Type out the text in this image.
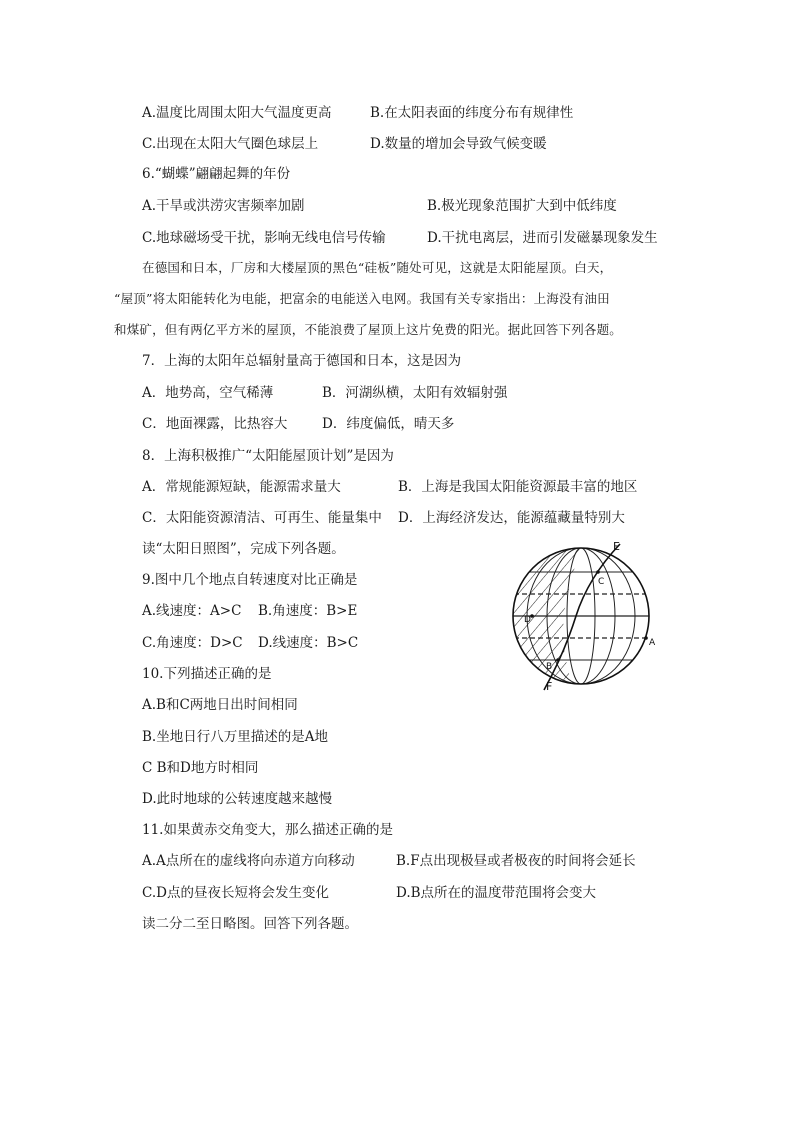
A.温度比周围太阳大气温度更高	B.在太阳表面的纬度分布有规律性
C.出现在太阳大气圈色球层上	D.数量的增加会导致气候变暖
6.“蝴蝶”翩翩起舞的年份
A.干旱或洪涝灾害频率加剧	B.极光现象范围扩大到中低纬度
C.地球磁场受干扰，影响无线电信号传输	D.干扰电离层，进而引发磁暴现象发生
在德国和日本，厂房和大楼屋顶的黑色“硅板”随处可见，这就是太阳能屋顶。白天，
“屋顶”将太阳能转化为电能，把富余的电能送入电网。我国有关专家指出：上海没有油田
和煤矿，但有两亿平方米的屋顶，不能浪费了屋顶上这片免费的阳光。据此回答下列各题。
7．上海的太阳年总辐射量高于德国和日本，这是因为
A．地势高，空气稀薄	B．河湖纵横，太阳有效辐射强
C．地面裸露，比热容大	D．纬度偏低，晴天多
8．上海积极推广“太阳能屋顶计划”是因为
A．常规能源短缺，能源需求量大	B．上海是我国太阳能资源最丰富的地区
C．太阳能资源清洁、可再生、能量集中 D．上海经济发达，能源蕴藏量特别大
读“太阳日照图”，完成下列各题。
9.图中几个地点自转速度对比正确是
A.线速度：A>C B.角速度：B>E
C.角速度：D>C D.线速度：B>C
10.下列描述正确的是
A.B和C两地日出时间相同
B.坐地日行八万里描述的是A地
C B和D地方时相同
D.此时地球的公转速度越来越慢
11.如果黄赤交角变大，那么描述正确的是
A.A点所在的虚线将向赤道方向移动	B.F点出现极昼或者极夜的时间将会延长
C.D点的昼夜长短将会发生变化	D.B点所在的温度带范围将会变大
读二分二至日略图。回答下列各题。
E
C
D
A
B
F
